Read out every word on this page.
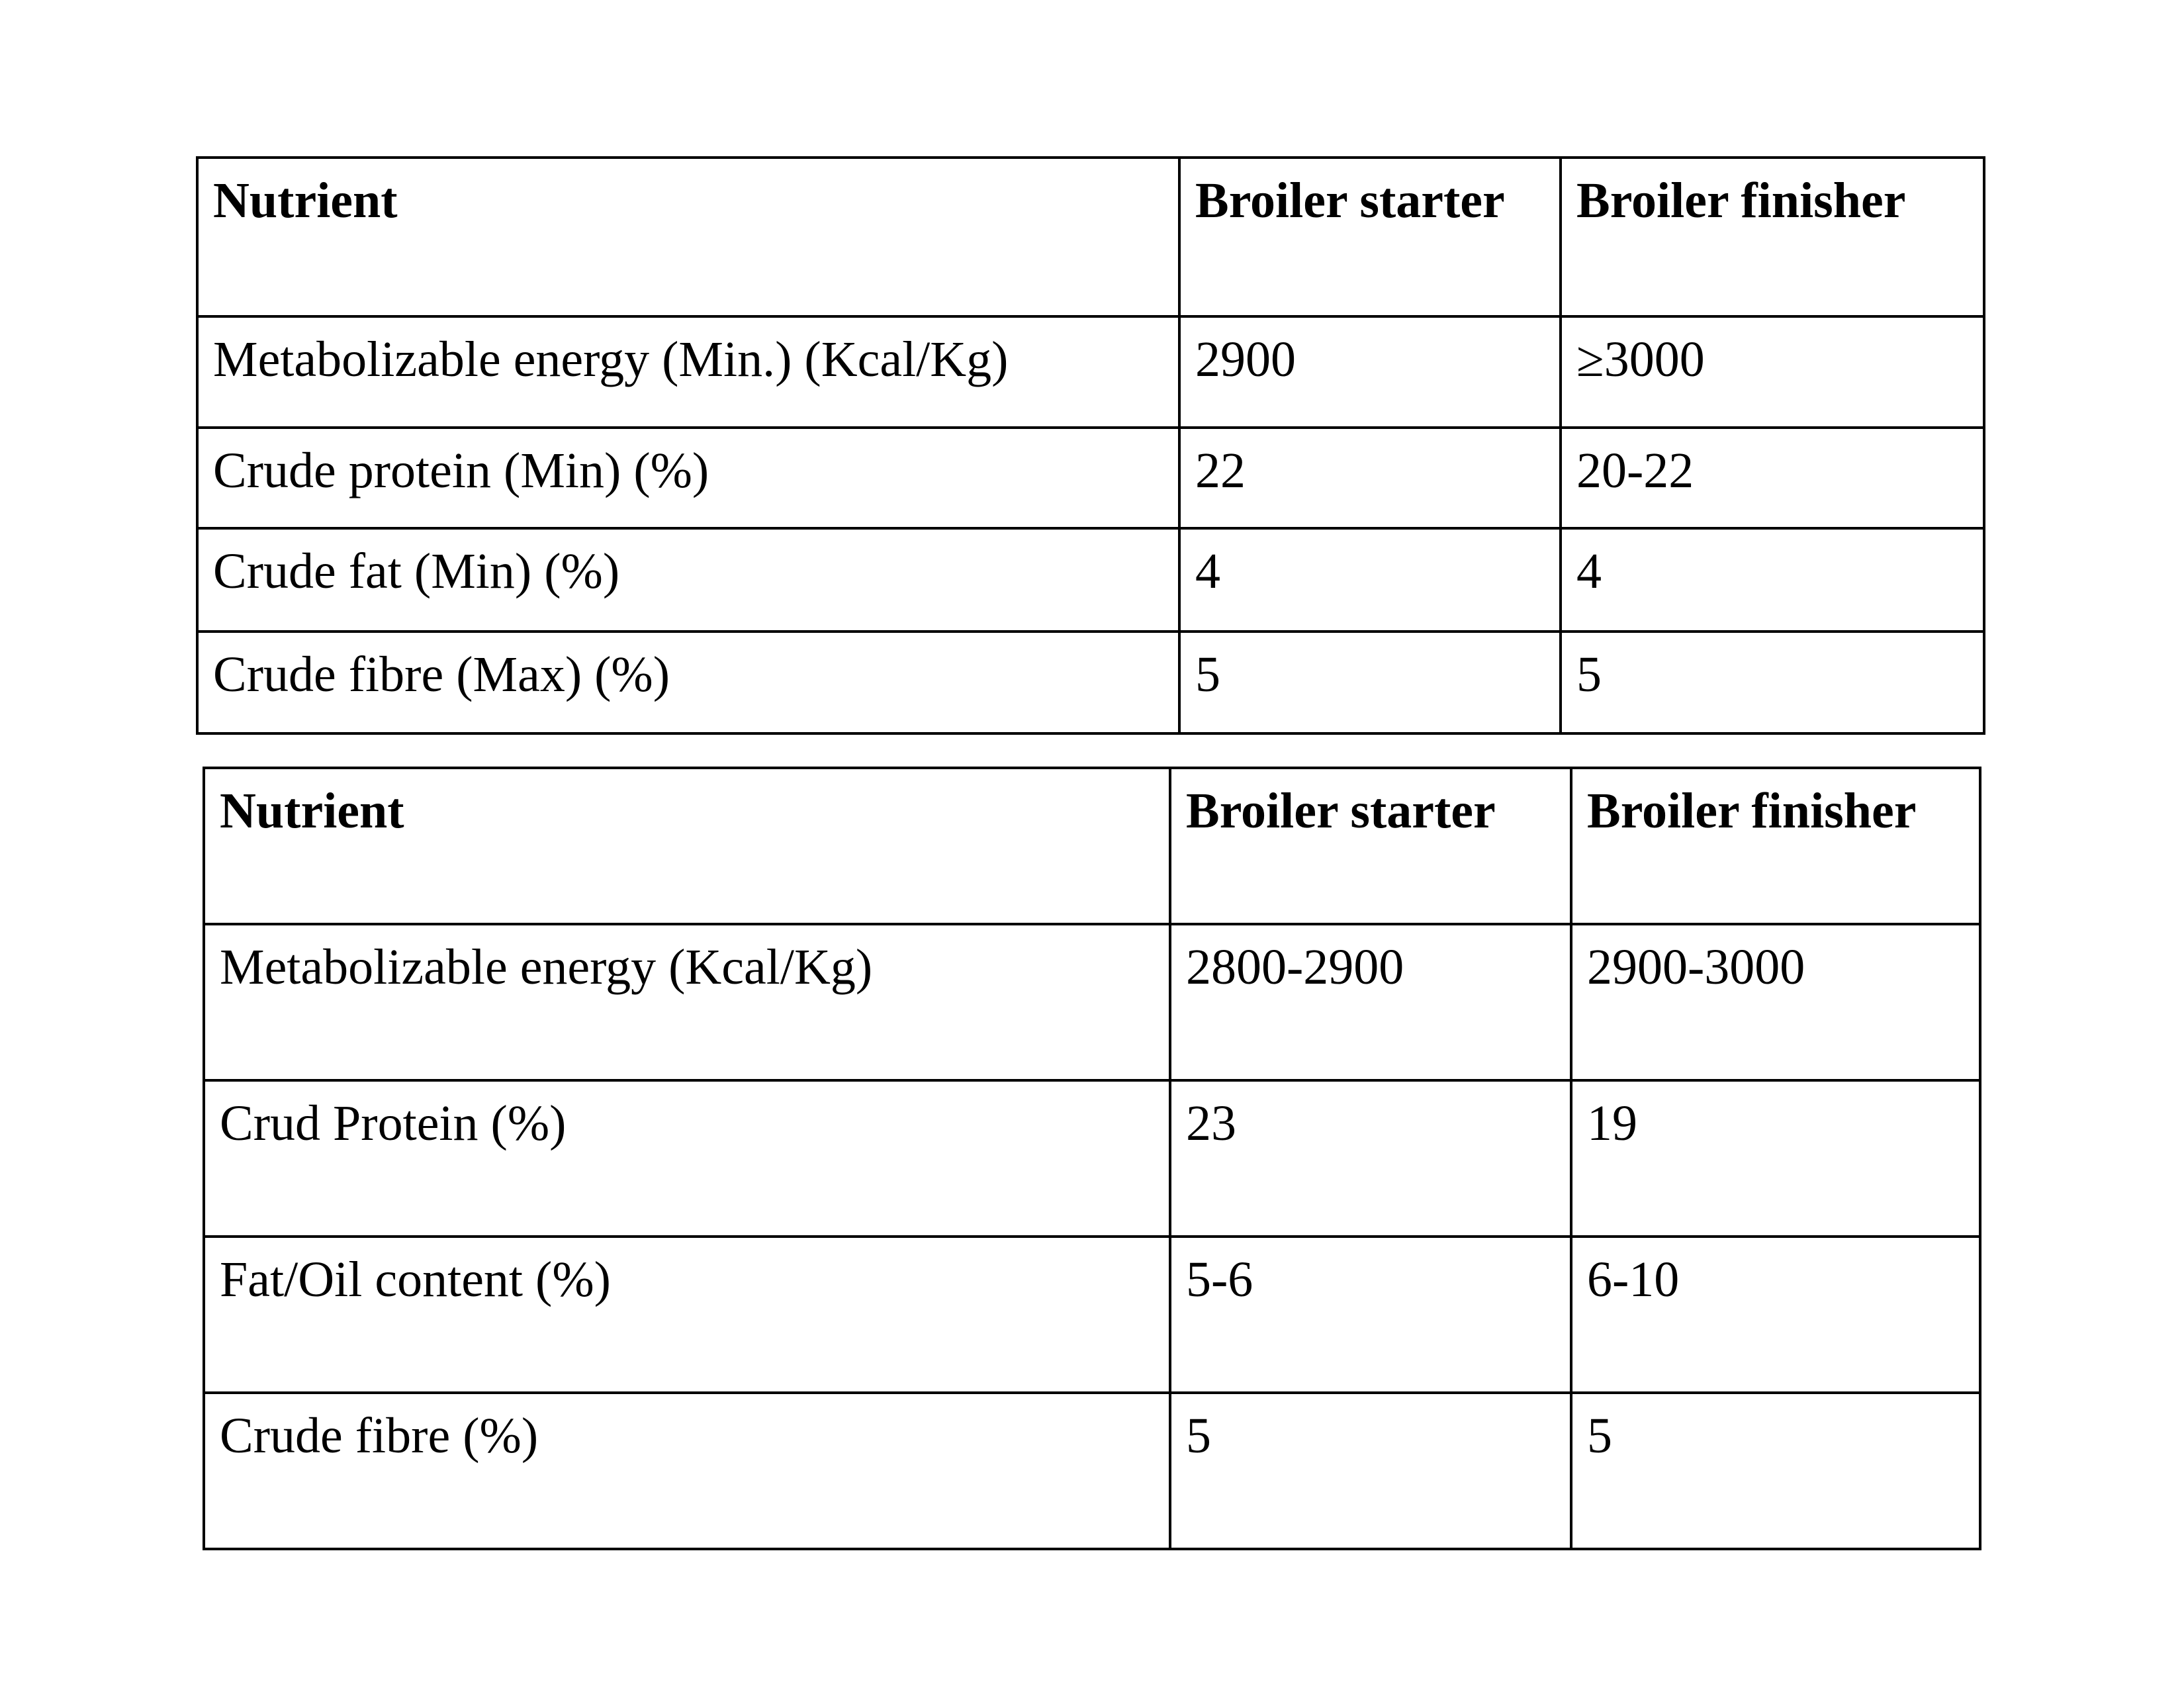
Nutrient	Broiler starter	Broiler finisher
Metabolizable energy (Min.) (Kcal/Kg)	2900	≥3000
Crude protein (Min) (%)	22	20-22
Crude fat (Min) (%)	4	4
Crude fibre (Max) (%)	5	5
Nutrient	Broiler starter	Broiler finisher
Metabolizable energy (Kcal/Kg)	2800-2900	2900-3000
Crud Protein (%)	23	19
Fat/Oil content (%)	5-6	6-10
Crude fibre (%)	5	5
